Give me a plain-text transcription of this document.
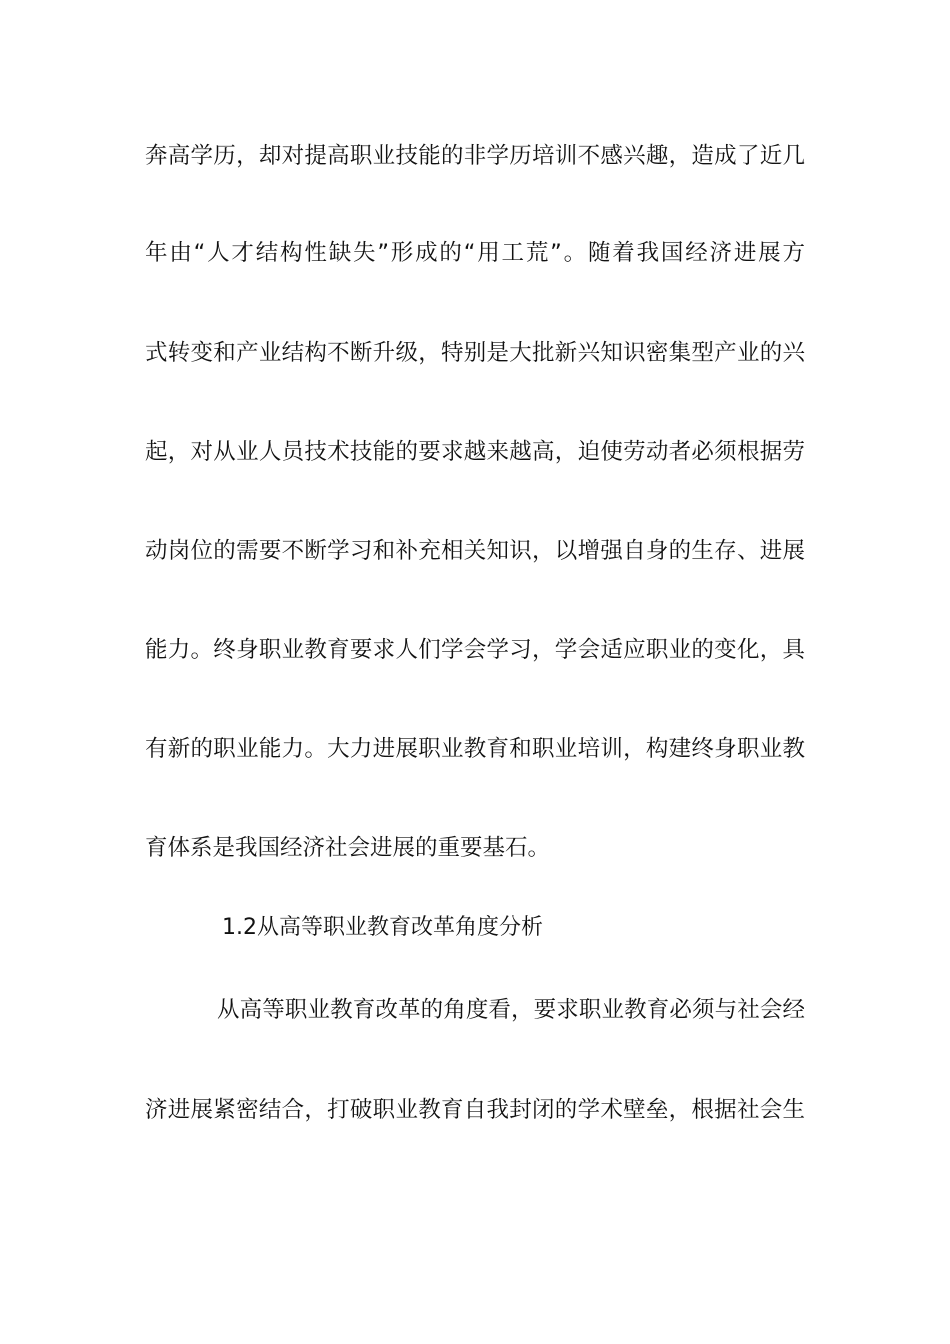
奔高学历，却对提高职业技能的非学历培训不感兴趣，造成了近几
年由“人才结构性缺失”形成的“用工荒”。随着我国经济进展方
式转变和产业结构不断升级，特别是大批新兴知识密集型产业的兴
起，对从业人员技术技能的要求越来越高，迫使劳动者必须根据劳
动岗位的需要不断学习和补充相关知识，以增强自身的生存、进展
能力。终身职业教育要求人们学会学习，学会适应职业的变化，具
有新的职业能力。大力进展职业教育和职业培训，构建终身职业教
育体系是我国经济社会进展的重要基石。
1.2从高等职业教育改革角度分析
从高等职业教育改革的角度看，要求职业教育必须与社会经
济进展紧密结合，打破职业教育自我封闭的学术壁垒，根据社会生
